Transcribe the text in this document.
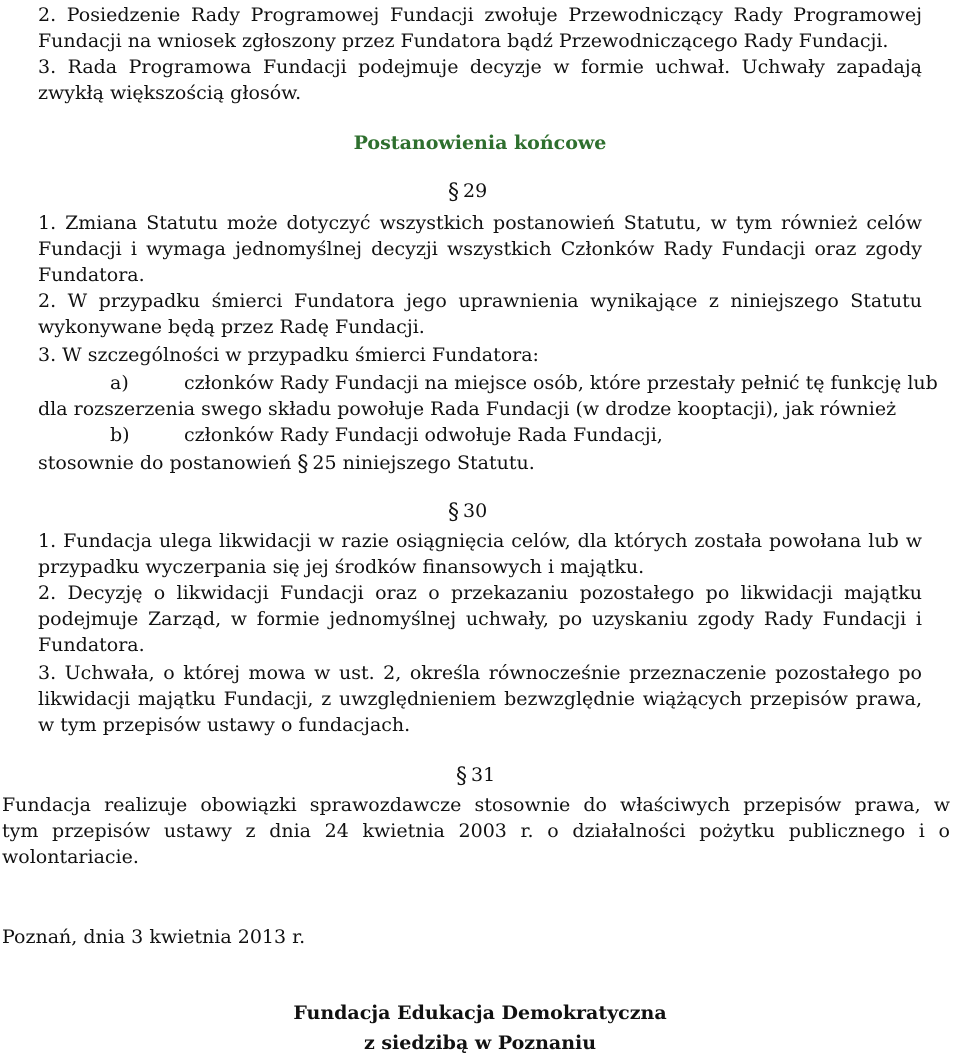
2. Posiedzenie Rady Programowej Fundacji zwołuje Przewodniczący Rady Programowej
Fundacji na wniosek zgłoszony przez Fundatora bądź Przewodniczącego Rady Fundacji.
3. Rada Programowa Fundacji podejmuje decyzje w formie uchwał. Uchwały zapadają
zwykłą większością głosów.
Postanowienia końcowe
§ 29
1. Zmiana Statutu może dotyczyć wszystkich postanowień Statutu, w tym również celów
Fundacji i wymaga jednomyślnej decyzji wszystkich Członków Rady Fundacji oraz zgody
Fundatora.
2. W przypadku śmierci Fundatora jego uprawnienia wynikające z niniejszego Statutu
wykonywane będą przez Radę Fundacji.
3. W szczególności w przypadku śmierci Fundatora:
a)	członków Rady Fundacji na miejsce osób, które przestały pełnić tę funkcję lub
dla rozszerzenia swego składu powołuje Rada Fundacji (w drodze kooptacji), jak również
b)	członków Rady Fundacji odwołuje Rada Fundacji,
stosownie do postanowień § 25 niniejszego Statutu.
§ 30
1. Fundacja ulega likwidacji w razie osiągnięcia celów, dla których została powołana lub w
przypadku wyczerpania się jej środków finansowych i majątku.
2. Decyzję o likwidacji Fundacji oraz o przekazaniu pozostałego po likwidacji majątku
podejmuje Zarząd, w formie jednomyślnej uchwały, po uzyskaniu zgody Rady Fundacji i
Fundatora.
3. Uchwała, o której mowa w ust. 2, określa równocześnie przeznaczenie pozostałego po
likwidacji majątku Fundacji, z uwzględnieniem bezwzględnie wiążących przepisów prawa,
w tym przepisów ustawy o fundacjach.
§ 31
Fundacja realizuje obowiązki sprawozdawcze stosownie do właściwych przepisów prawa, w
tym przepisów ustawy z dnia 24 kwietnia 2003 r. o działalności pożytku publicznego i o
wolontariacie.
Poznań, dnia 3 kwietnia 2013 r.
Fundacja Edukacja Demokratyczna
z siedzibą w Poznaniu
